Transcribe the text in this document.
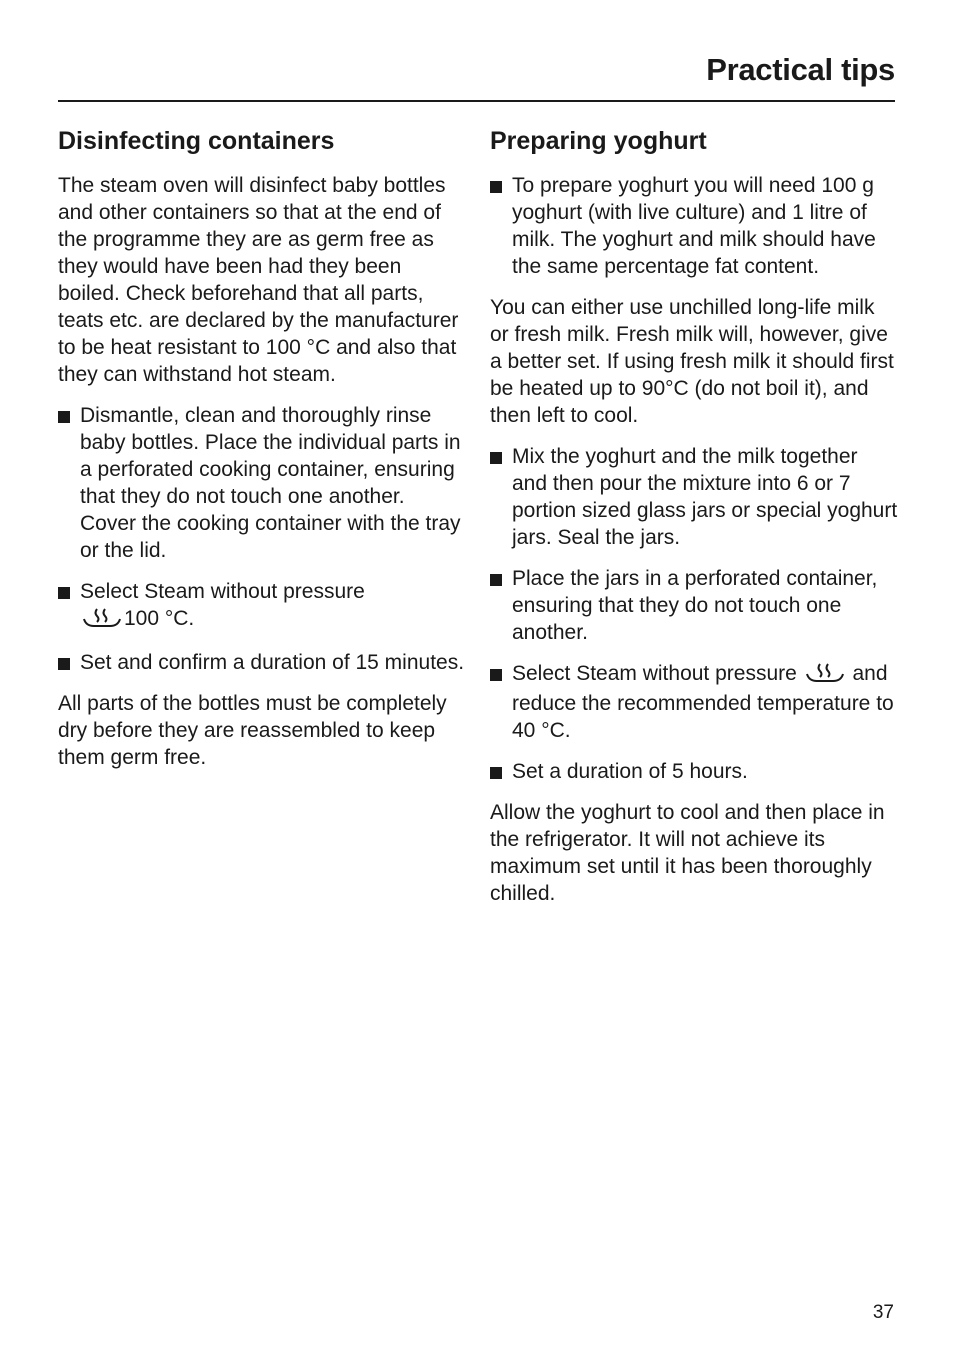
Practical tips
Disinfecting containers

The steam oven will disinfect baby bottles and other containers so that at the end of the programme they are as germ free as they would have been had they been boiled. Check beforehand that all parts, teats etc. are declared by the manufacturer to be heat resistant to 100 °C and also that they can withstand hot steam.

Dismantle, clean and thoroughly rinse baby bottles. Place the individual parts in a perforated cooking container, ensuring that they do not touch one another. Cover the cooking container with the tray or the lid.
Select Steam without pressure
100 °C.
Set and confirm a duration of 15 minutes.

All parts of the bottles must be completely dry before they are reassembled to keep them germ free.

Preparing yoghurt
To prepare yoghurt you will need 100 g yoghurt (with live culture) and 1 litre of milk. The yoghurt and milk should have the same percentage fat content.

You can either use unchilled long-life milk or fresh milk. Fresh milk will, however, give a better set. If using fresh milk it should first be heated up to 90°C (do not boil it), and then left to cool.

Mix the yoghurt and the milk together and then pour the mixture into 6 or 7 portion sized glass jars or special yoghurt jars. Seal the jars.
Place the jars in a perforated container, ensuring that they do not touch one another.
Select Steam without pressure	and reduce the recommended temperature to 40 °C.
Set a duration of 5 hours.

Allow the yoghurt to cool and then place in the refrigerator. It will not achieve its maximum set until it has been thoroughly chilled.

37
